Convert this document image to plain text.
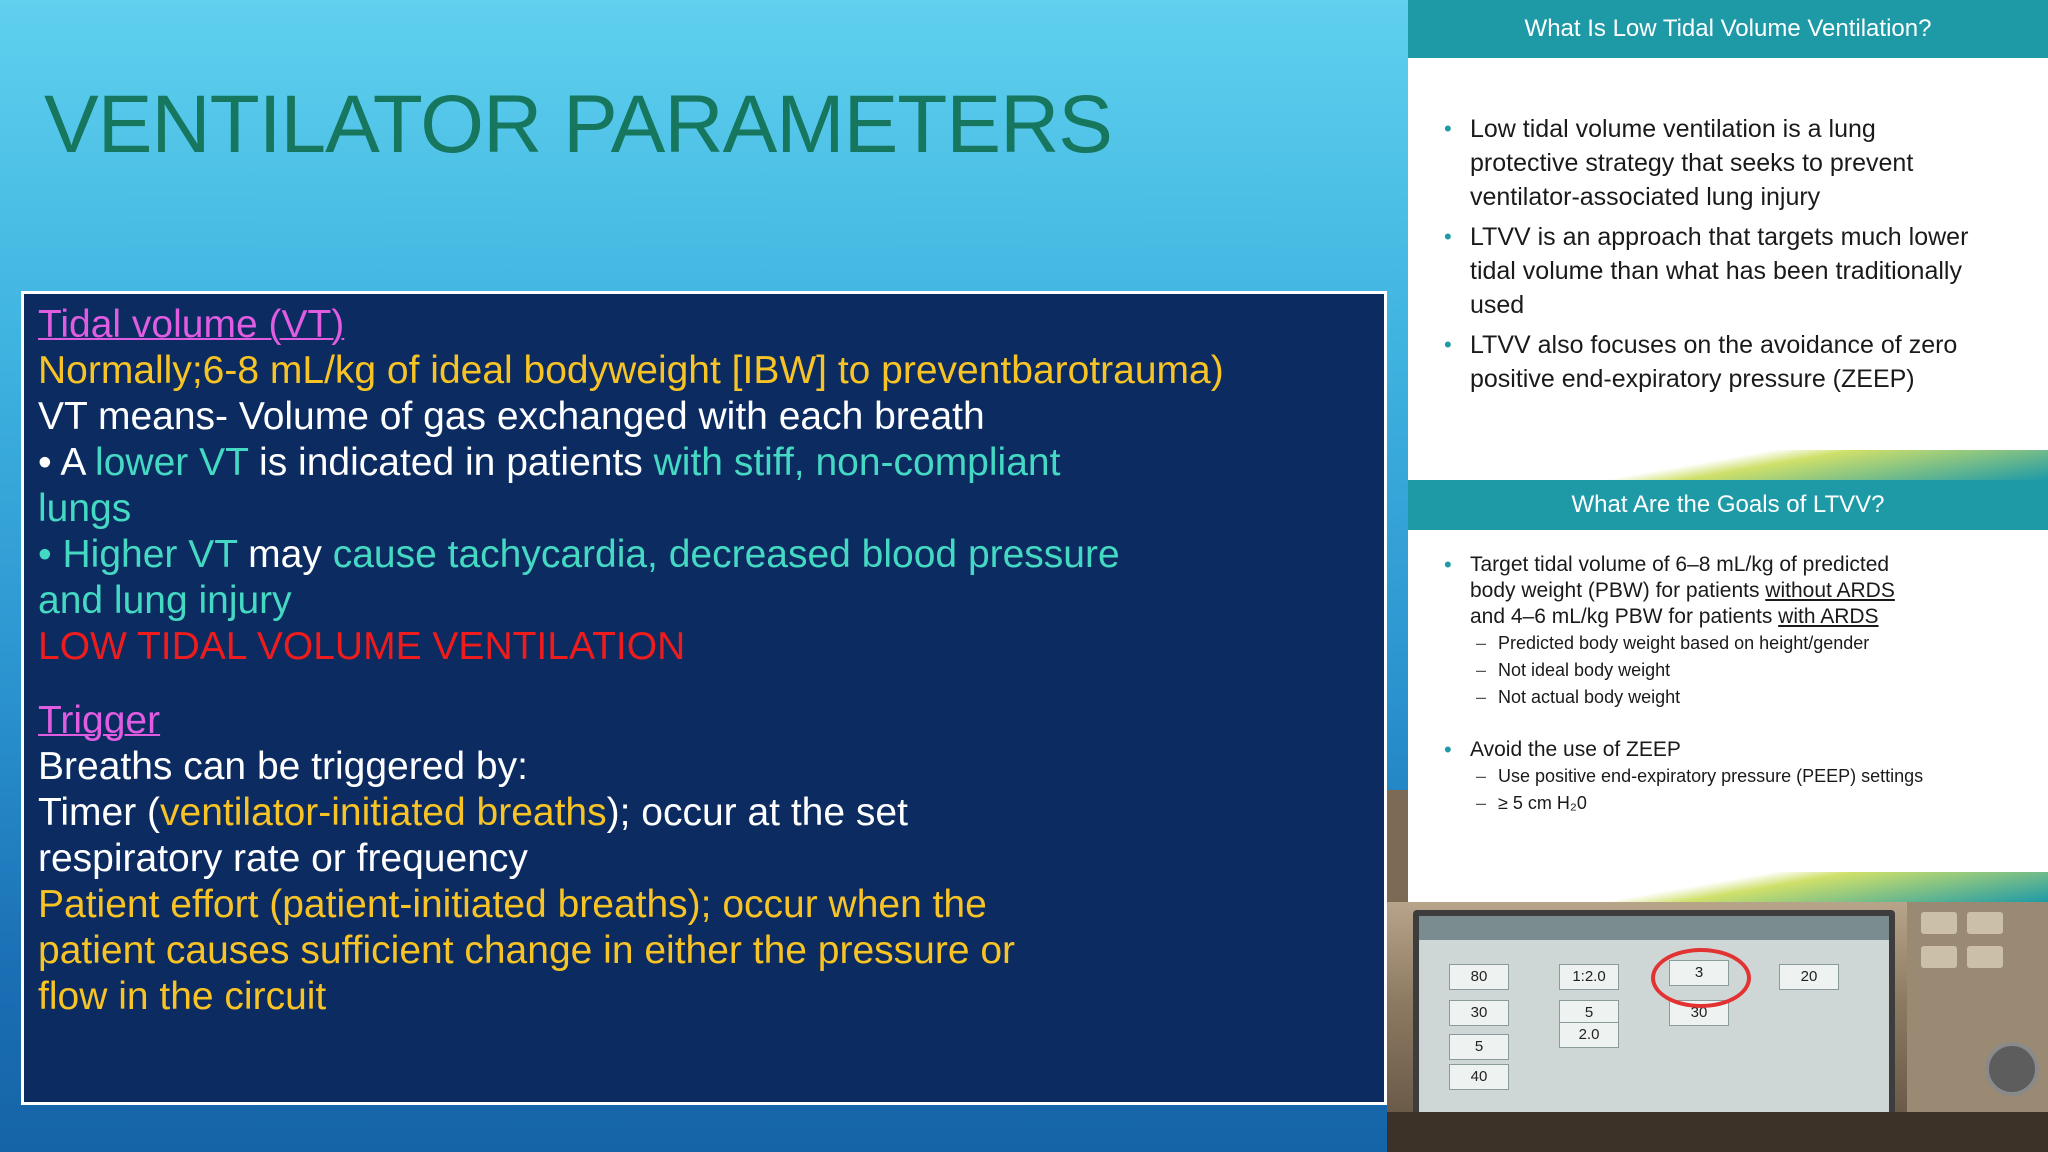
VENTILATOR PARAMETERS
Tidal volume (VT)
Normally;6-8 mL/kg of ideal bodyweight [IBW] to preventbarotrauma)
VT means- Volume of gas exchanged with each breath
• A lower VT is indicated in patients with stiff, non-compliant
lungs
• Higher VT may cause tachycardia, decreased blood pressure
and lung injury
LOW TIDAL VOLUME VENTILATION
Trigger
Breaths can be triggered by:
Timer (ventilator-initiated breaths); occur at the set
respiratory rate or frequency
Patient effort (patient-initiated breaths); occur when the
patient causes sufficient change in either the pressure or
flow in the circuit
What Is Low Tidal Volume Ventilation?
• Low tidal volume ventilation is a lung
protective strategy that seeks to prevent
ventilator-associated lung injury
• LTVV is an approach that targets much lower
tidal volume than what has been traditionally
used
• LTVV also focuses on the avoidance of zero
positive end-expiratory pressure (ZEEP)
What Are the Goals of LTVV?
• Target tidal volume of 6–8 mL/kg of predicted
body weight (PBW) for patients without ARDS
and 4–6 mL/kg PBW for patients with ARDS
– Predicted body weight based on height/gender
– Not ideal body weight
– Not actual body weight
• Avoid the use of ZEEP
– Use positive end-expiratory pressure (PEEP) settings
– ≥ 5 cm H₂0
80	1:2.0	3	20
30	5	30
5
2.0
40
